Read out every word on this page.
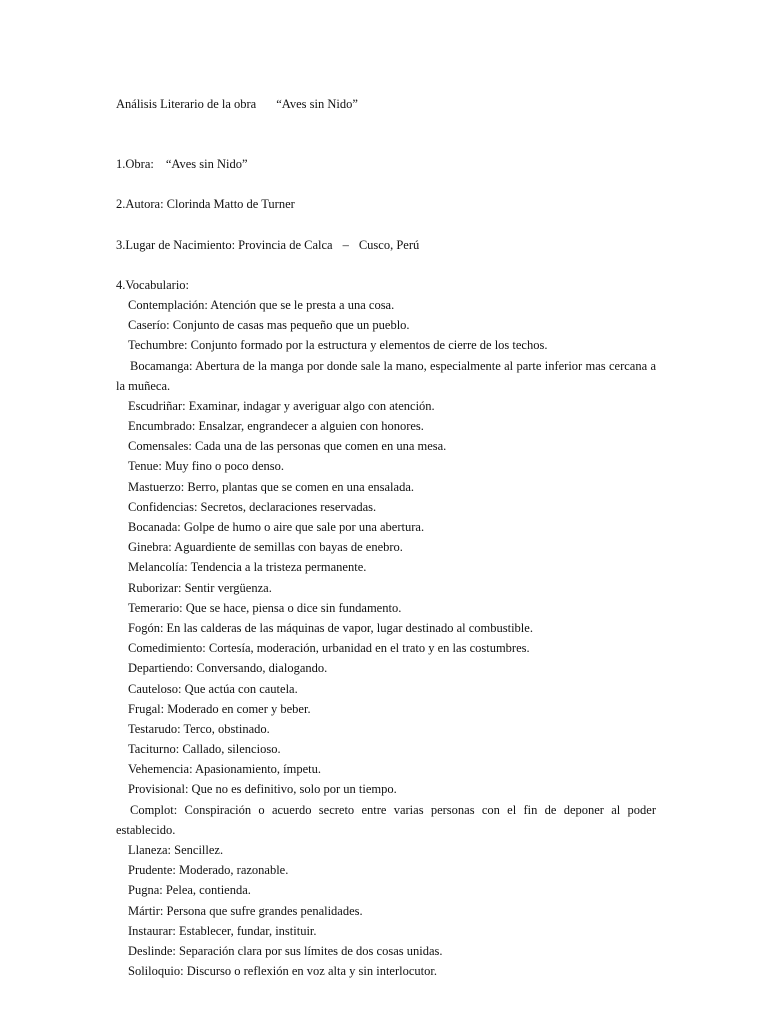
Análisis Literario de la obra “Aves sin Nido”
1.Obra: “Aves sin Nido”
2.Autora: Clorinda Matto de Turner
3.Lugar de Nacimiento: Provincia de Calca – Cusco, Perú
4.Vocabulario:
Contemplación: Atención que se le presta a una cosa.
Caserío: Conjunto de casas mas pequeño que un pueblo.
Techumbre: Conjunto formado por la estructura y elementos de cierre de los techos.
Bocamanga: Abertura de la manga por donde sale la mano, especialmente al parte inferior mas cercana a la muñeca.
Escudriñar: Examinar, indagar y averiguar algo con atención.
Encumbrado: Ensalzar, engrandecer a alguien con honores.
Comensales: Cada una de las personas que comen en una mesa.
Tenue: Muy fino o poco denso.
Mastuerzo: Berro, plantas que se comen en una ensalada.
Confidencias: Secretos, declaraciones reservadas.
Bocanada: Golpe de humo o aire que sale por una abertura.
Ginebra: Aguardiente de semillas con bayas de enebro.
Melancolía: Tendencia a la tristeza permanente.
Ruborizar: Sentir vergüenza.
Temerario: Que se hace, piensa o dice sin fundamento.
Fogón: En las calderas de las máquinas de vapor, lugar destinado al combustible.
Comedimiento: Cortesía, moderación, urbanidad en el trato y en las costumbres.
Departiendo: Conversando, dialogando.
Cauteloso: Que actúa con cautela.
Frugal: Moderado en comer y beber.
Testarudo: Terco, obstinado.
Taciturno: Callado, silencioso.
Vehemencia: Apasionamiento, ímpetu.
Provisional: Que no es definitivo, solo por un tiempo.
Complot: Conspiración o acuerdo secreto entre varias personas con el fin de deponer al poder establecido.
Llaneza: Sencillez.
Prudente: Moderado, razonable.
Pugna: Pelea, contienda.
Mártir: Persona que sufre grandes penalidades.
Instaurar: Establecer, fundar, instituir.
Deslinde: Separación clara por sus límites de dos cosas unidas.
Soliloquio: Discurso o reflexión en voz alta y sin interlocutor.
